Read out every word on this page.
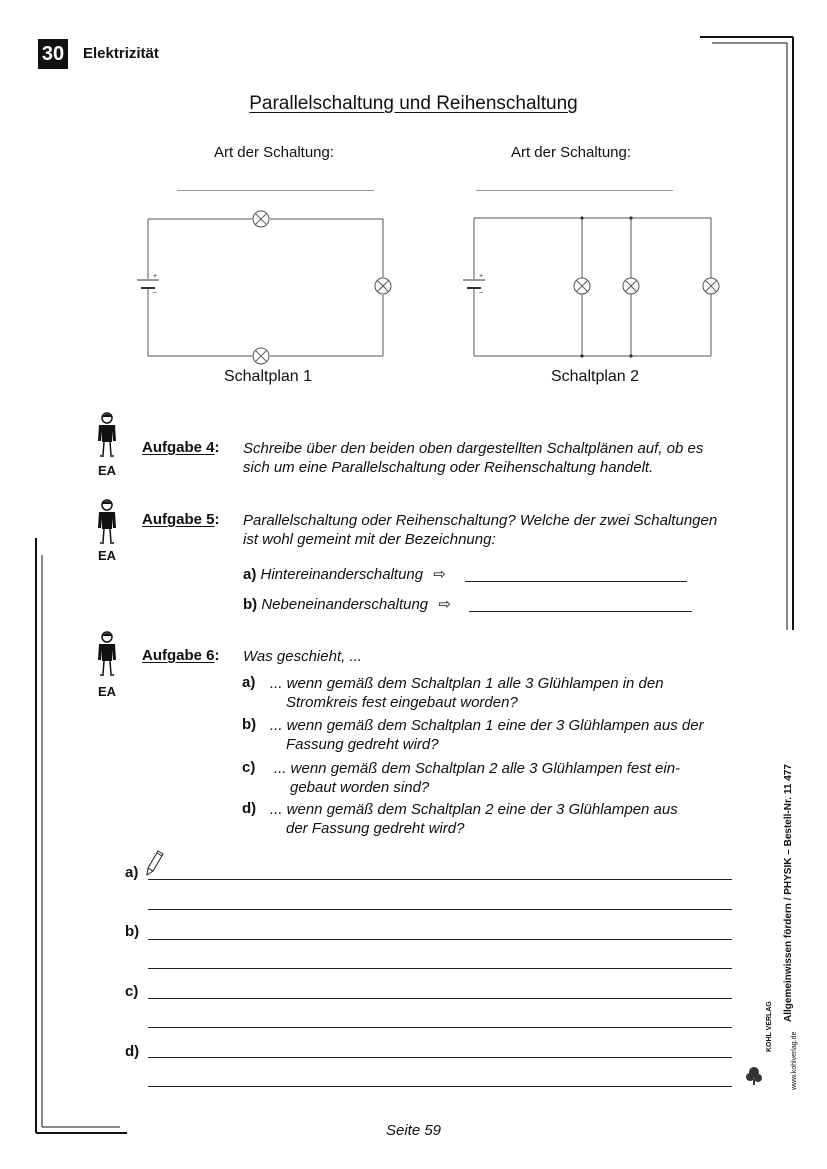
30 Elektrizität
Parallelschaltung und Reihenschaltung
Art der Schaltung:	Art der Schaltung:
+
–
+
–
Schaltplan 1	Schaltplan 2
EA
EA
EA
Aufgabe 4: Schreibe über den beiden oben dargestellten Schaltplänen auf, ob es
sich um eine Parallelschaltung oder Reihenschaltung handelt.
Aufgabe 5: Parallelschaltung oder Reihenschaltung? Welche der zwei Schaltungen
ist wohl gemeint mit der Bezeichnung:
a) Hintereinanderschaltung ⇨
b) Nebeneinanderschaltung ⇨
Aufgabe 6: Was geschieht, ...
a) ... wenn gemäß dem Schaltplan 1 alle 3 Glühlampen in den
Stromkreis fest eingebaut worden?
b) ... wenn gemäß dem Schaltplan 1 eine der 3 Glühlampen aus der
Fassung gedreht wird?
c) ... wenn gemäß dem Schaltplan 2 alle 3 Glühlampen fest ein-
gebaut worden sind?
d) ... wenn gemäß dem Schaltplan 2 eine der 3 Glühlampen aus
der Fassung gedreht wird?
a)
b)
c)
d)
Seite 59
Allgemeinwissen fördern / PHYSIK – Bestell-Nr. 11 477
www.kohlverlag.de
KOHL VERLAG
